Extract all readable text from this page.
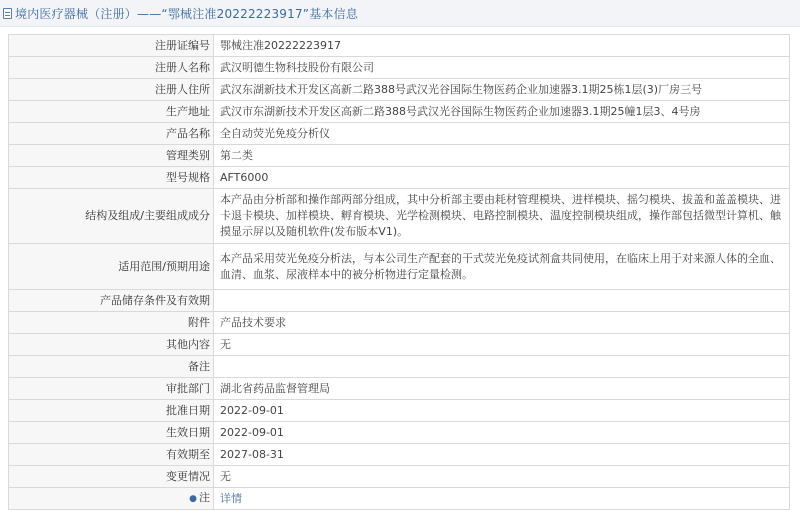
境内医疗器械（注册）——“鄂械注准20222223917”基本信息
注册证编号	鄂械注准20222223917
注册人名称	武汉明德生物科技股份有限公司
注册人住所	武汉东湖新技术开发区高新二路388号武汉光谷国际生物医药企业加速器3.1期25栋1层(3)厂房三号
生产地址	武汉市东湖新技术开发区高新二路388号武汉光谷国际生物医药企业加速器3.1期25幢1层3、4号房
产品名称	全自动荧光免疫分析仪
管理类别	第二类
型号规格	AFT6000
结构及组成/主要组成成分	本产品由分析部和操作部两部分组成，其中分析部主要由耗材管理模块、进样模块、摇匀模块、拔盖和盖盖模块、进卡退卡模块、加样模块、孵育模块、光学检测模块、电路控制模块、温度控制模块组成，操作部包括微型计算机、触摸显示屏以及随机软件(发布版本V1)。
适用范围/预期用途	本产品采用荧光免疫分析法，与本公司生产配套的干式荧光免疫试剂盒共同使用，在临床上用于对来源人体的全血、血清、血浆、尿液样本中的被分析物进行定量检测。
产品储存条件及有效期	
附件	产品技术要求
其他内容	无
备注	
审批部门	湖北省药品监督管理局
批准日期	2022-09-01
生效日期	2022-09-01
有效期至	2027-08-31
变更情况	无
● 注	详情
